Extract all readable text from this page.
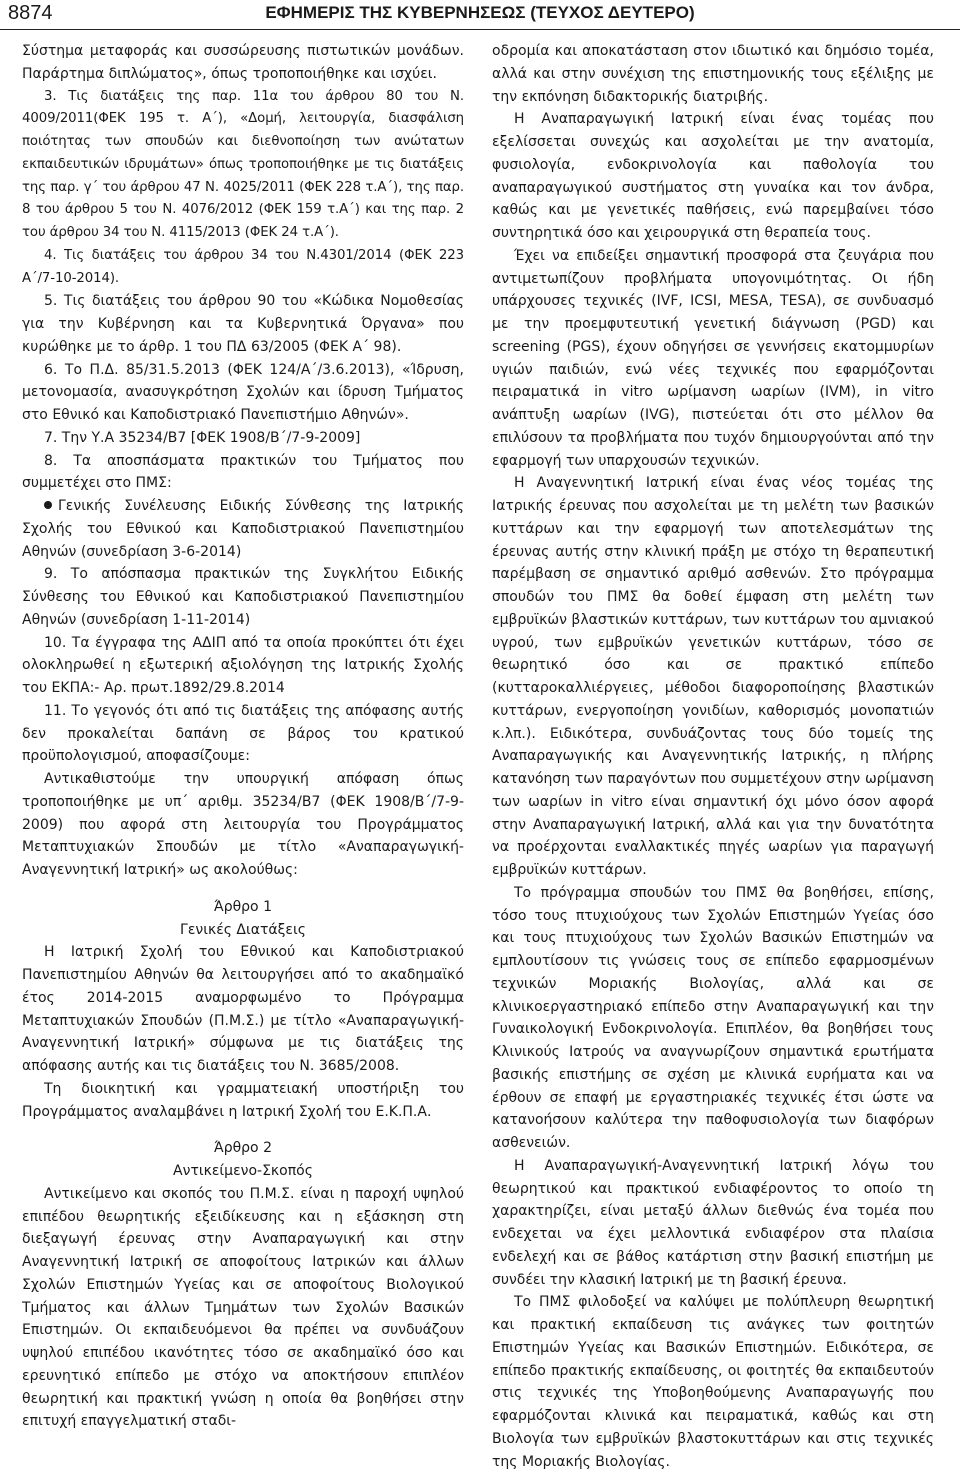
8874	ΕΦΗΜΕΡΙΣ ΤΗΣ ΚΥΒΕΡΝΗΣΕΩΣ (ΤΕΥΧΟΣ ΔΕΥΤΕΡΟ)

Σύστημα μεταφοράς και συσσώρευσης πιστωτικών μονάδων. Παράρτημα διπλώματος», όπως τροποποιήθηκε και ισχύει.

3. Τις διατάξεις της παρ. 11α του άρθρου 80 του Ν. 4009/2011(ΦΕΚ 195 τ. Α΄), «Δομή, λειτουργία, διασφάλιση ποιότητας των σπουδών και διεθνοποίηση των ανώτατων εκπαιδευτικών ιδρυμάτων» όπως τροποποιήθηκε με τις διατάξεις της παρ. γ΄ του άρθρου 47 Ν. 4025/2011 (ΦΕΚ 228 τ.Α΄), της παρ. 8 του άρθρου 5 του Ν. 4076/2012 (ΦΕΚ 159 τ.Α΄) και της παρ. 2 του άρθρου 34 του Ν. 4115/2013 (ΦΕΚ 24 τ.Α΄).

4. Τις διατάξεις του άρθρου 34 του Ν.4301/2014 (ΦΕΚ 223 Α΄/7-10-2014).

5. Τις διατάξεις του άρθρου 90 του «Κώδικα Νομοθεσίας για την Κυβέρνηση και τα Κυβερνητικά Όργανα» που κυρώθηκε με το άρθρ. 1 του ΠΔ 63/2005 (ΦΕΚ Α΄ 98).

6. Το Π.Δ. 85/31.5.2013 (ΦΕΚ 124/Α΄/3.6.2013), «Ίδρυση, μετονομασία, ανασυγκρότηση Σχολών και ίδρυση Τμήματος στο Εθνικό και Καποδιστριακό Πανεπιστήμιο Αθηνών».

7. Την Υ.Α 35234/Β7 [ΦΕΚ 1908/Β΄/7-9-2009]

8. Τα αποσπάσματα πρακτικών του Τμήματος που συμμετέχει στο ΠΜΣ:

Γενικής Συνέλευσης Ειδικής Σύνθεσης της Ιατρικής Σχολής του Εθνικού και Καποδιστριακού Πανεπιστημίου Αθηνών (συνεδρίαση 3-6-2014)

9. Το απόσπασμα πρακτικών της Συγκλήτου Ειδικής Σύνθεσης του Εθνικού και Καποδιστριακού Πανεπιστημίου Αθηνών (συνεδρίαση 1-11-2014)

10. Τα έγγραφα της ΑΔΙΠ από τα οποία προκύπτει ότι έχει ολοκληρωθεί η εξωτερική αξιολόγηση της Ιατρικής Σχολής του ΕΚΠΑ:- Αρ. πρωτ.1892/29.8.2014

11. Το γεγονός ότι από τις διατάξεις της απόφασης αυτής δεν προκαλείται δαπάνη σε βάρος του κρατικού προϋπολογισμού, αποφασίζουμε:

Αντικαθιστούμε την υπουργική απόφαση όπως τροποποιήθηκε με υπ΄ αριθμ. 35234/Β7 (ΦΕΚ 1908/Β΄/7-9-2009) που αφορά στη λειτουργία του Προγράμματος Μεταπτυχιακών Σπουδών με τίτλο «Αναπαραγωγική-Αναγεννητική Ιατρική» ως ακολούθως:

Άρθρο 1

Γενικές Διατάξεις

Η Ιατρική Σχολή του Εθνικού και Καποδιστριακού Πανεπιστημίου Αθηνών θα λειτουργήσει από το ακαδημαϊκό έτος 2014-2015 αναμορφωμένο το Πρόγραμμα Μεταπτυχιακών Σπουδών (Π.Μ.Σ.) με τίτλο «Αναπαραγωγική-Αναγεννητική Ιατρική» σύμφωνα με τις διατάξεις της απόφασης αυτής και τις διατάξεις του Ν. 3685/2008.

Τη διοικητική και γραμματειακή υποστήριξη του Προγράμματος αναλαμβάνει η Ιατρική Σχολή του Ε.Κ.Π.Α.

Άρθρο 2

Αντικείμενο-Σκοπός

Αντικείμενο και σκοπός του Π.Μ.Σ. είναι η παροχή υψηλού επιπέδου θεωρητικής εξειδίκευσης και η εξάσκηση στη διεξαγωγή έρευνας στην Αναπαραγωγική και στην Αναγεννητική Ιατρική σε αποφοίτους Ιατρικών και άλλων Σχολών Επιστημών Υγείας και σε αποφοίτους Βιολογικού Τμήματος και άλλων Τμημάτων των Σχολών Βασικών Επιστημών. Οι εκπαιδευόμενοι θα πρέπει να συνδυάζουν υψηλού επιπέδου ικανότητες τόσο σε ακαδημαϊκό όσο και ερευνητικό επίπεδο με στόχο να αποκτήσουν επιπλέον θεωρητική και πρακτική γνώση η οποία θα βοηθήσει στην επιτυχή επαγγελματική σταδι-

οδρομία και αποκατάσταση στον ιδιωτικό και δημόσιο τομέα, αλλά και στην συνέχιση της επιστημονικής τους εξέλιξης με την εκπόνηση διδακτορικής διατριβής.

Η Αναπαραγωγική Ιατρική είναι ένας τομέας που εξελίσσεται συνεχώς και ασχολείται με την ανατομία, φυσιολογία, ενδοκρινολογία και παθολογία του αναπαραγωγικού συστήματος στη γυναίκα και τον άνδρα, καθώς και με γενετικές παθήσεις, ενώ παρεμβαίνει τόσο συντηρητικά όσο και χειρουργικά στη θεραπεία τους.

Έχει να επιδείξει σημαντική προσφορά στα ζευγάρια που αντιμετωπίζουν προβλήματα υπογονιμότητας. Οι ήδη υπάρχουσες τεχνικές (IVF, ICSI, MESA, TESA), σε συνδυασμό με την προεμφυτευτική γενετική διάγνωση (PGD) και screening (PGS), έχουν οδηγήσει σε γεννήσεις εκατομμυρίων υγιών παιδιών, ενώ νέες τεχνικές που εφαρμόζονται πειραματικά in vitro ωρίμανση ωαρίων (IVM), in vitro ανάπτυξη ωαρίων (IVG), πιστεύεται ότι στο μέλλον θα επιλύσουν τα προβλήματα που τυχόν δημιουργούνται από την εφαρμογή των υπαρχουσών τεχνικών.

Η Αναγεννητική Ιατρική είναι ένας νέος τομέας της Ιατρικής έρευνας που ασχολείται με τη μελέτη των βασικών κυττάρων και την εφαρμογή των αποτελεσμάτων της έρευνας αυτής στην κλινική πράξη με στόχο τη θεραπευτική παρέμβαση σε σημαντικό αριθμό ασθενών. Στο πρόγραμμα σπουδών του ΠΜΣ θα δοθεί έμφαση στη μελέτη των εμβρυϊκών βλαστικών κυττάρων, των κυττάρων του αμνιακού υγρού, των εμβρυϊκών γενετικών κυττάρων, τόσο σε θεωρητικό όσο και σε πρακτικό επίπεδο (κυτταροκαλλιέργειες, μέθοδοι διαφοροποίησης βλαστικών κυττάρων, ενεργοποίηση γονιδίων, καθορισμός μονοπατιών κ.λπ.). Ειδικότερα, συνδυάζοντας τους δύο τομείς της Αναπαραγωγικής και Αναγεννητικής Ιατρικής, η πλήρης κατανόηση των παραγόντων που συμμετέχουν στην ωρίμανση των ωαρίων in vitro είναι σημαντική όχι μόνο όσον αφορά στην Αναπαραγωγική Ιατρική, αλλά και για την δυνατότητα να προέρχονται εναλλακτικές πηγές ωαρίων για παραγωγή εμβρυϊκών κυττάρων.

Το πρόγραμμα σπουδών του ΠΜΣ θα βοηθήσει, επίσης, τόσο τους πτυχιούχους των Σχολών Επιστημών Υγείας όσο και τους πτυχιούχους των Σχολών Βασικών Επιστημών να εμπλουτίσουν τις γνώσεις τους σε επίπεδο εφαρμοσμένων τεχνικών Μοριακής Βιολογίας, αλλά και σε κλινικοεργαστηριακό επίπεδο στην Αναπαραγωγική και την Γυναικολογική Ενδοκρινολογία. Επιπλέον, θα βοηθήσει τους Κλινικούς Ιατρούς να αναγνωρίζουν σημαντικά ερωτήματα βασικής επιστήμης σε σχέση με κλινικά ευρήματα και να έρθουν σε επαφή με εργαστηριακές τεχνικές έτσι ώστε να κατανοήσουν καλύτερα την παθοφυσιολογία των διαφόρων ασθενειών.

Η Αναπαραγωγική-Αναγεννητική Ιατρική λόγω του θεωρητικού και πρακτικού ενδιαφέροντος το οποίο τη χαρακτηρίζει, είναι μεταξύ άλλων διεθνώς ένα τομέα που ενδεχεται να έχει μελλοντικά ενδιαφέρον στα πλαίσια ενδελεχή και σε βάθος κατάρτιση στην βασική επιστήμη με συνδέει την κλασική Ιατρική με τη βασική έρευνα.

Το ΠΜΣ φιλοδοξεί να καλύψει με πολύπλευρη θεωρητική και πρακτική εκπαίδευση τις ανάγκες των φοιτητών Επιστημών Υγείας και Βασικών Επιστημών. Ειδικότερα, σε επίπεδο πρακτικής εκπαίδευσης, οι φοιτητές θα εκπαιδευτούν στις τεχνικές της Υποβοηθούμενης Αναπαραγωγής που εφαρμόζονται κλινικά και πειραματικά, καθώς και στη Βιολογία των εμβρυϊκών βλαστοκυττάρων και στις τεχνικές της Μοριακής Βιολογίας.
